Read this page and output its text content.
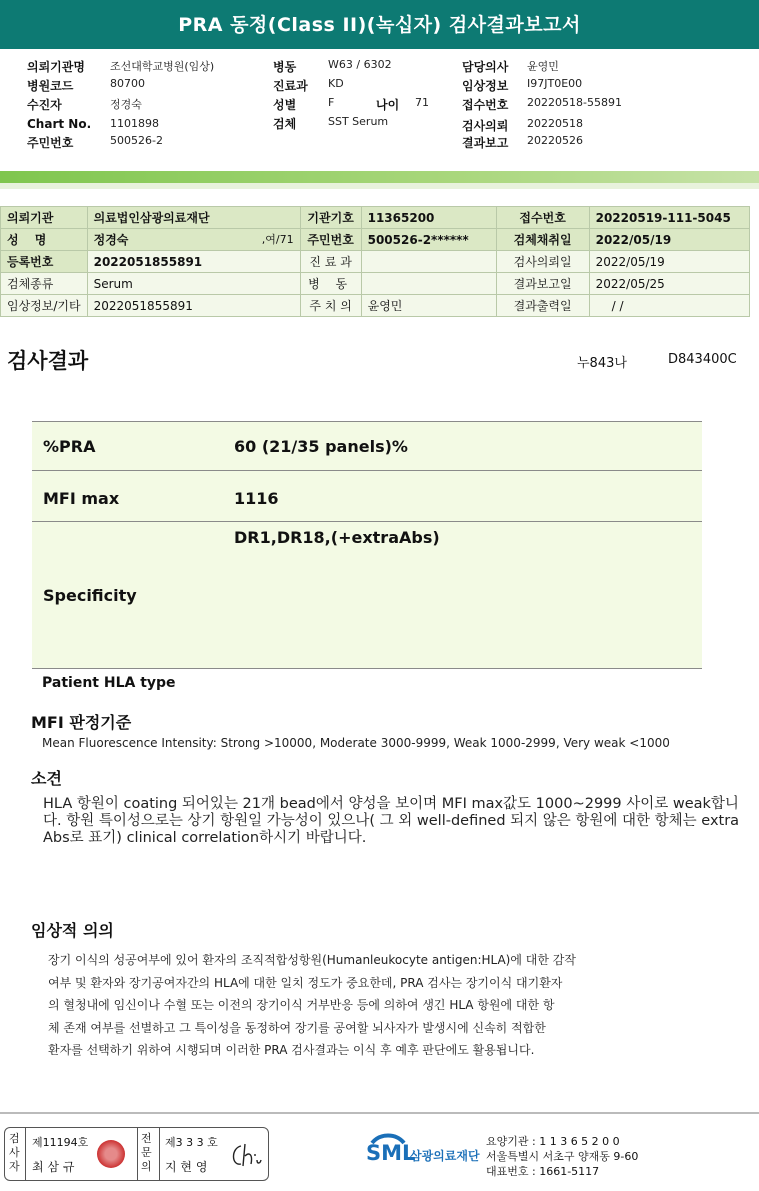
PRA 동정(Class II)(녹십자) 검사결과보고서
의뢰기관명 조선대학교병원(임상)
병원코드	80700
수진자	정경숙
Chart No. 1101898
주민번호	500526-2
병동	W63 / 6302
진료과 KD
성별	F	나이 71
검체	SST Serum
담당의사 윤영민
임상정보 I97JT0E00
접수번호 20220518-55891
검사의뢰 20220518
결과보고 20220526
의뢰기관	의료법인삼광의료재단	기관기호	11365200	접수번호	20220519-111-5045
성 명	정경숙 ,여/71	주민번호	500526-2******	검체채취일	2022/05/19
등록번호	2022051855891	진 료 과		검사의뢰일	2022/05/19
검체종류	Serum	병 동		결과보고일	2022/05/25
임상정보/기타	2022051855891	주 치 의	윤영민	결과출력일	/ /
검사결과	누843나	D843400C
%PRA	60 (21/35 panels)%
MFI max	1116
Specificity
DR1,DR18,(+extraAbs)
Patient HLA type
MFI 판정기준
Mean Fluorescence Intensity: Strong >10000, Moderate 3000-9999, Weak 1000-2999, Very weak <1000
소견
HLA 항원이 coating 되어있는 21개 bead에서 양성을 보이며 MFI max값도 1000~2999 사이로 weak합니다. 항원 특이성으로는 상기 항원일 가능성이 있으나( 그 외 well-defined 되지 않은 항원에 대한 항체는 extra Abs로 표기) clinical correlation하시기 바랍니다.
임상적 의의
장기 이식의 성공여부에 있어 환자의 조직적합성항원(Humanleukocyte antigen:HLA)에 대한 감작
여부 및 환자와 장기공여자간의 HLA에 대한 일치 정도가 중요한데, PRA 검사는 장기이식 대기환자
의 혈청내에 임신이나 수혈 또는 이전의 장기이식 거부반응 등에 의하여 생긴 HLA 항원에 대한 항
체 존재 여부를 선별하고 그 특이성을 동정하여 장기를 공여할 뇌사자가 발생시에 신속히 적합한
환자를 선택하기 위하여 시행되며 이러한 PRA 검사결과는 이식 후 예후 판단에도 활용됩니다.
검사자
제11194호
최 삼 규
전문의
제3 3 3 호
지 현 영
SML
삼광의료재단
요양기관 : 1 1 3 6 5 2 0 0
서울특별시 서초구 양재동 9-60
대표번호 : 1661-5117
